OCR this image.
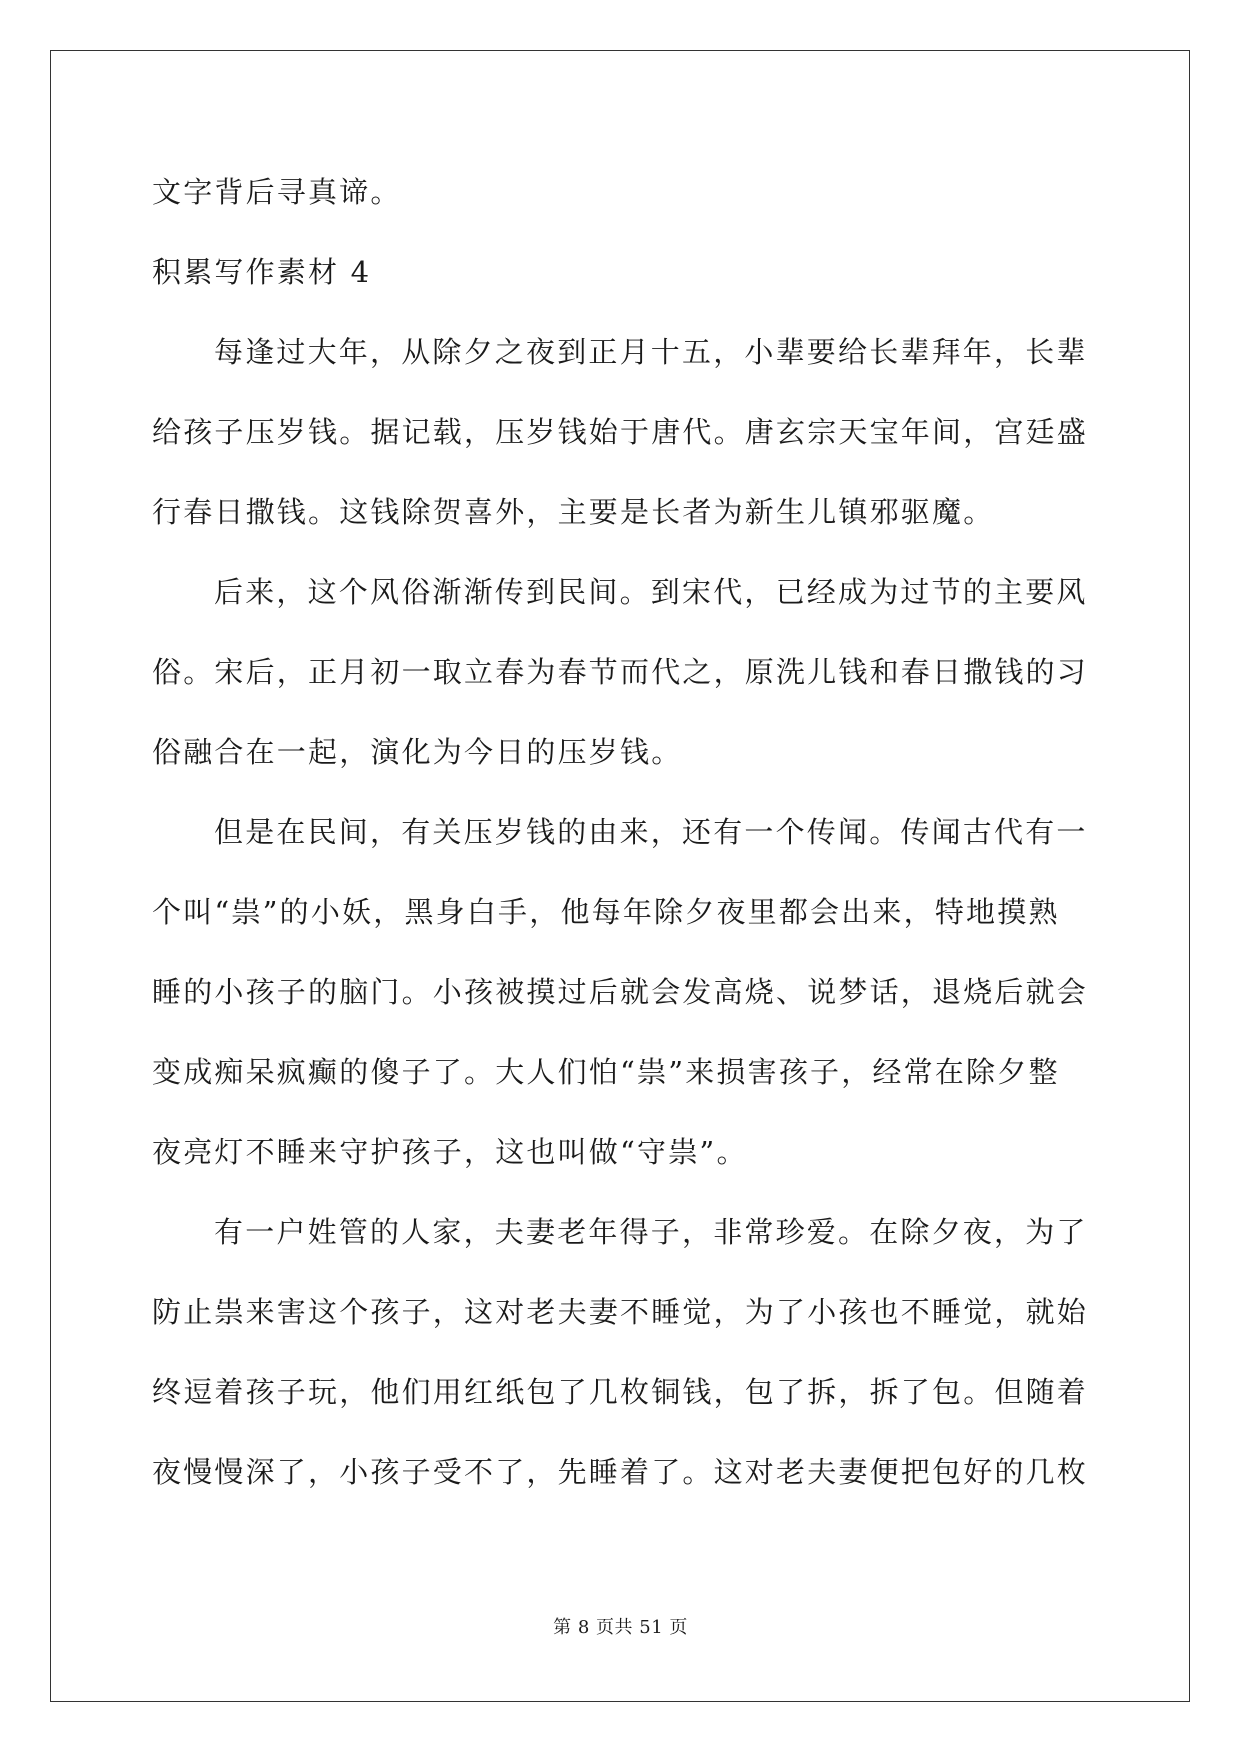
文字背后寻真谛。
积累写作素材 4
每逢过大年，从除夕之夜到正月十五，小辈要给长辈拜年，长辈
给孩子压岁钱。据记载，压岁钱始于唐代。唐玄宗天宝年间，宫廷盛
行春日撒钱。这钱除贺喜外，主要是长者为新生儿镇邪驱魔。
后来，这个风俗渐渐传到民间。到宋代，已经成为过节的主要风
俗。宋后，正月初一取立春为春节而代之，原洗儿钱和春日撒钱的习
俗融合在一起，演化为今日的压岁钱。
但是在民间，有关压岁钱的由来，还有一个传闻。传闻古代有一
个叫“祟”的小妖，黑身白手，他每年除夕夜里都会出来，特地摸熟
睡的小孩子的脑门。小孩被摸过后就会发高烧、说梦话，退烧后就会
变成痴呆疯癫的傻子了。大人们怕“祟”来损害孩子，经常在除夕整
夜亮灯不睡来守护孩子，这也叫做“守祟”。
有一户姓管的人家，夫妻老年得子，非常珍爱。在除夕夜，为了
防止祟来害这个孩子，这对老夫妻不睡觉，为了小孩也不睡觉，就始
终逗着孩子玩，他们用红纸包了几枚铜钱，包了拆，拆了包。但随着
夜慢慢深了，小孩子受不了，先睡着了。这对老夫妻便把包好的几枚
第 8 页共 51 页
